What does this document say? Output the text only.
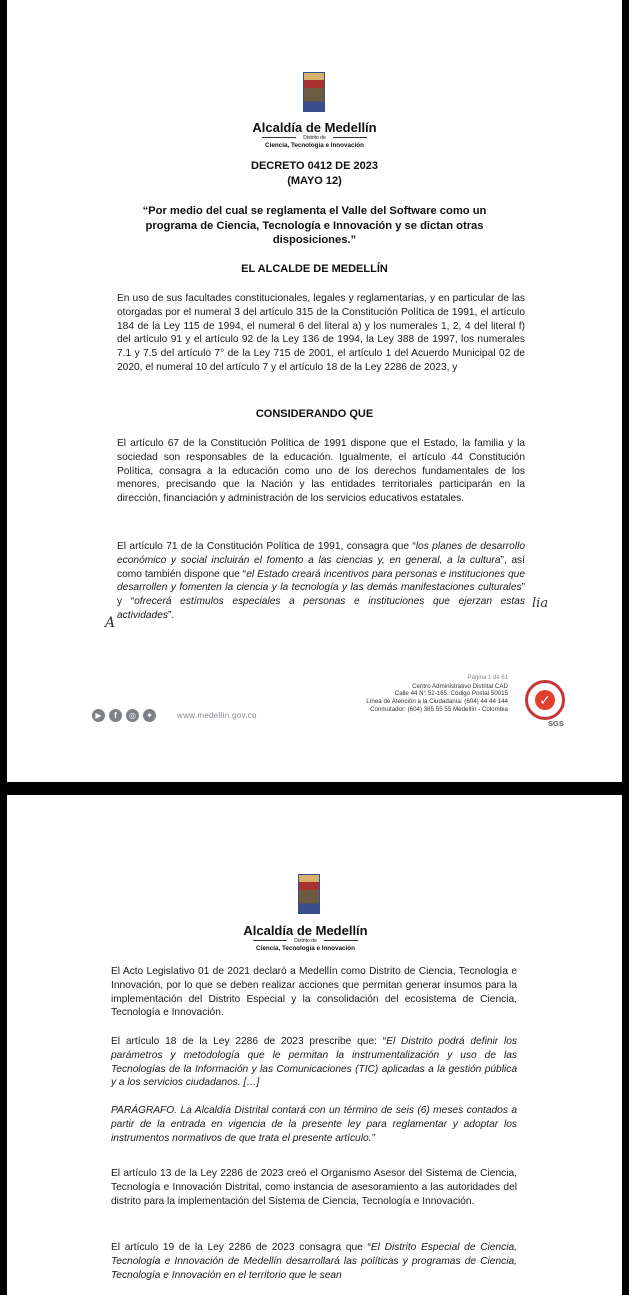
Alcaldía de Medellín
Distrito de
Ciencia, Tecnología e Innovación
DECRETO 0412 DE 2023
(MAYO 12)
“Por medio del cual se reglamenta el Valle del Software como un
programa de Ciencia, Tecnología e Innovación y se dictan otras
disposiciones.”
EL ALCALDE DE MEDELLÍN

En uso de sus facultades constitucionales, legales y reglamentarias, y en particular de las otorgadas por el numeral 3 del artículo 315 de la Constitución Política de 1991, el artículo 184 de la Ley 115 de 1994, el numeral 6 del literal a) y los numerales 1, 2, 4 del literal f) del artículo 91 y el artículo 92 de la Ley 136 de 1994, la Ley 388 de 1997, los numerales 7.1 y 7.5 del artículo 7° de la Ley 715 de 2001, el artículo 1 del Acuerdo Municipal 02 de 2020, el numeral 10 del artículo 7 y el artículo 18 de la Ley 2286 de 2023, y

CONSIDERANDO QUE

El artículo 67 de la Constitución Política de 1991 dispone que el Estado, la familia y la sociedad son responsables de la educación. Igualmente, el artículo 44 Constitución Política, consagra a la educación como uno de los derechos fundamentales de los menores, precisando que la Nación y las entidades territoriales participarán en la dirección, financiación y administración de los servicios educativos estatales.

El artículo 71 de la Constitución Política de 1991, consagra que “los planes de desarrollo económico y social incluirán el fomento a las ciencias y, en general, a la cultura”, así como también dispone que “el Estado creará incentivos para personas e instituciones que desarrollen y fomenten la ciencia y la tecnología y las demás manifestaciones culturales” y “ofrecerá estímulos especiales a personas e instituciones que ejerzan estas actividades”.

lia
A
▶	f	◎	✦	www.medellin.gov.co
Página 1 de 61
Centro Administrativo Distrital CAD
Calle 44 N° 52-165. Código Postal 50015
Línea de Atención a la Ciudadanía: (604) 44 44 144
Conmutador: (604) 385 55 55 Medellín - Colombia
✓
SGS
Alcaldía de Medellín
Distrito de
Ciencia, Tecnología e Innovación

El Acto Legislativo 01 de 2021 declaró a Medellín como Distrito de Ciencia, Tecnología e Innovación, por lo que se deben realizar acciones que permitan generar insumos para la implementación del Distrito Especial y la consolidación del ecosistema de Ciencia, Tecnología e Innovación.

El artículo 18 de la Ley 2286 de 2023 prescribe que: “El Distrito podrá definir los parámetros y metodología que le permitan la instrumentalización y uso de las Tecnologías de la Información y las Comunicaciones (TIC) aplicadas a la gestión pública y a los servicios ciudadanos. […]

PARÁGRAFO. La Alcaldía Distrital contará con un término de seis (6) meses contados a partir de la entrada en vigencia de la presente ley para reglamentar y adoptar los instrumentos normativos de que trata el presente artículo.”

El artículo 13 de la Ley 2286 de 2023 creó el Organismo Asesor del Sistema de Ciencia, Tecnología e Innovación Distrital, como instancia de asesoramiento a las autoridades del distrito para la implementación del Sistema de Ciencia, Tecnología e Innovación.

El artículo 19 de la Ley 2286 de 2023 consagra que “El Distrito Especial de Ciencia, Tecnología e Innovación de Medellín desarrollará las políticas y programas de Ciencia, Tecnología e Innovación en el territorio que le sean
